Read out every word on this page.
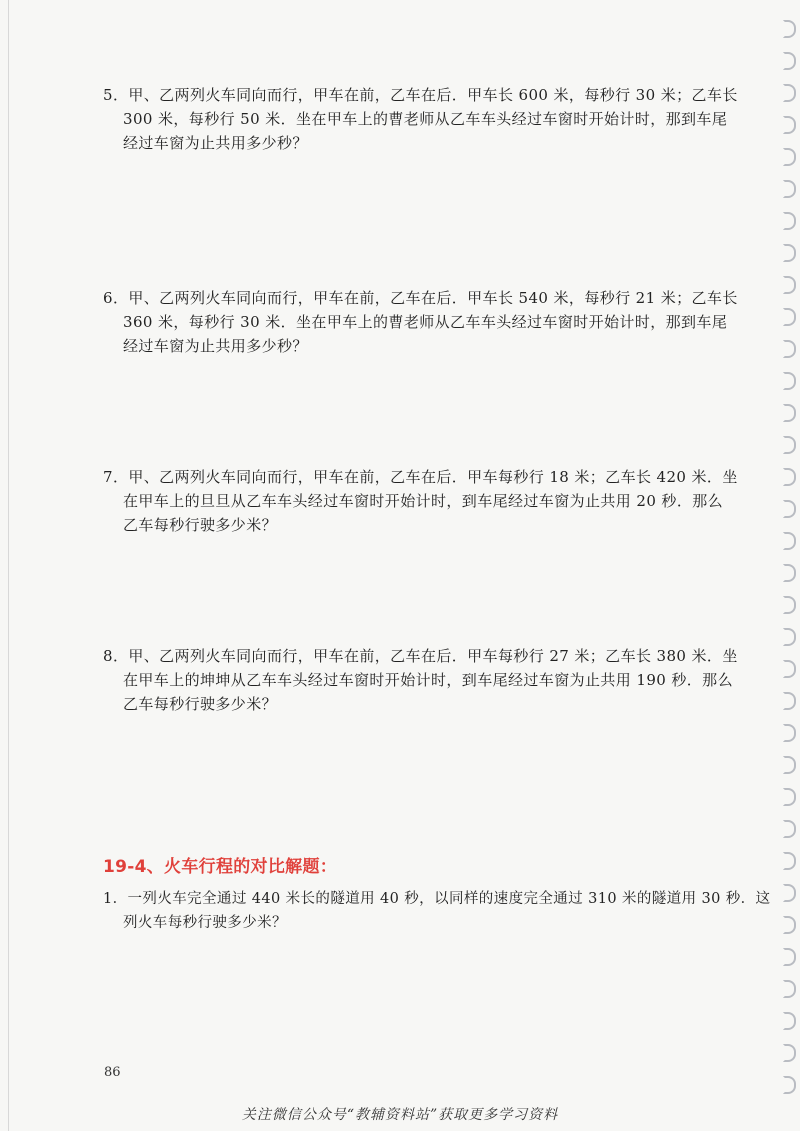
5．甲、乙两列火车同向而行，甲车在前，乙车在后．甲车长 600 米，每秒行 30 米；乙车长
300 米，每秒行 50 米．坐在甲车上的曹老师从乙车车头经过车窗时开始计时，那到车尾
经过车窗为止共用多少秒？
6．甲、乙两列火车同向而行，甲车在前，乙车在后．甲车长 540 米，每秒行 21 米；乙车长
360 米，每秒行 30 米．坐在甲车上的曹老师从乙车车头经过车窗时开始计时，那到车尾
经过车窗为止共用多少秒？
7．甲、乙两列火车同向而行，甲车在前，乙车在后．甲车每秒行 18 米；乙车长 420 米．坐
在甲车上的旦旦从乙车车头经过车窗时开始计时，到车尾经过车窗为止共用 20 秒．那么
乙车每秒行驶多少米？
8．甲、乙两列火车同向而行，甲车在前，乙车在后．甲车每秒行 27 米；乙车长 380 米．坐
在甲车上的坤坤从乙车车头经过车窗时开始计时，到车尾经过车窗为止共用 190 秒．那么
乙车每秒行驶多少米？
19-4、火车行程的对比解题：
1．一列火车完全通过 440 米长的隧道用 40 秒，以同样的速度完全通过 310 米的隧道用 30 秒．这
列火车每秒行驶多少米？
86
关注微信公众号“教辅资料站”获取更多学习资料
